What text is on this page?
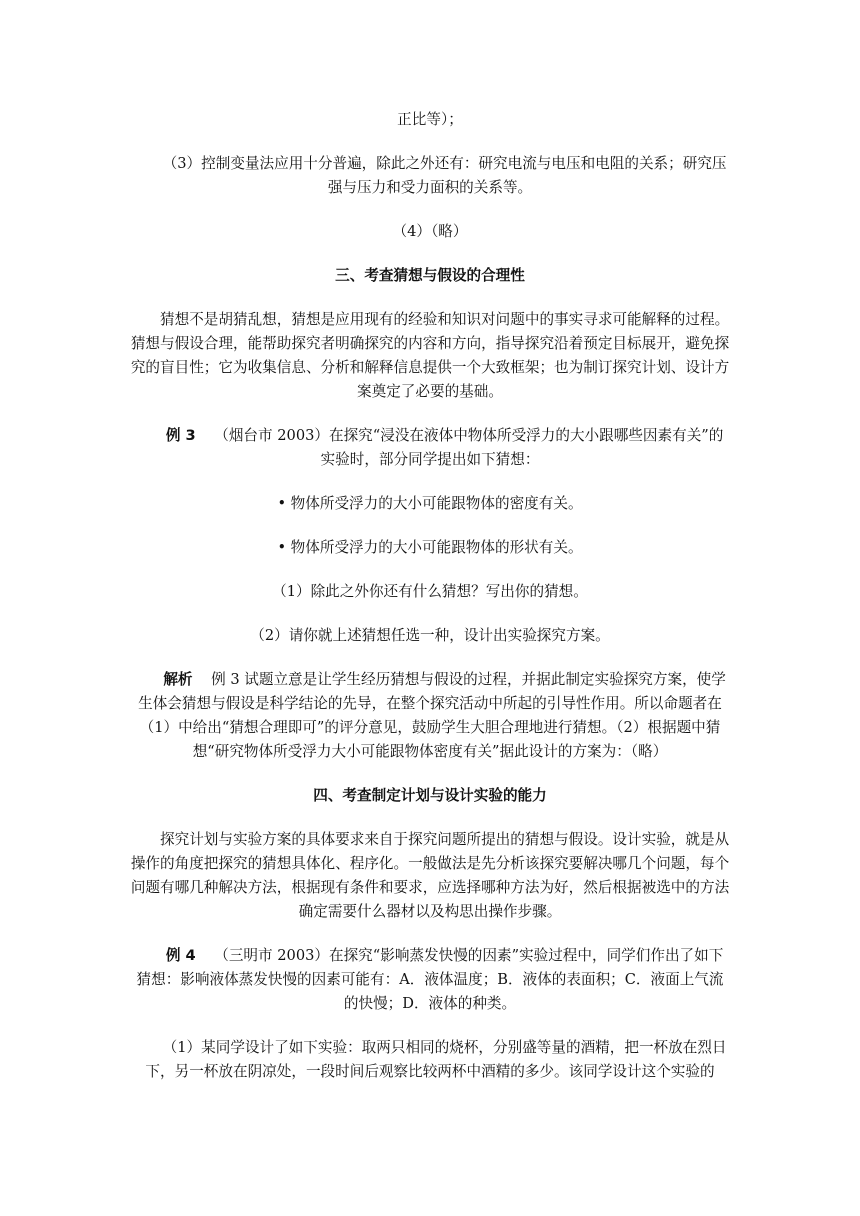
正比等）；

（3）控制变量法应用十分普遍，除此之外还有：研究电流与电压和电阻的关系；研究压强与压力和受力面积的关系等。

（4）（略）

三、考查猜想与假设的合理性

猜想不是胡猜乱想，猜想是应用现有的经验和知识对问题中的事实寻求可能解释的过程。猜想与假设合理，能帮助探究者明确探究的内容和方向，指导探究沿着预定目标展开，避免探究的盲目性；它为收集信息、分析和解释信息提供一个大致框架；也为制订探究计划、设计方案奠定了必要的基础。

例 3 （烟台市 2003）在探究“浸没在液体中物体所受浮力的大小跟哪些因素有关”的实验时，部分同学提出如下猜想：

• 物体所受浮力的大小可能跟物体的密度有关。

• 物体所受浮力的大小可能跟物体的形状有关。

（1）除此之外你还有什么猜想？写出你的猜想。

（2）请你就上述猜想任选一种，设计出实验探究方案。

解析 例 3 试题立意是让学生经历猜想与假设的过程，并据此制定实验探究方案，使学生体会猜想与假设是科学结论的先导，在整个探究活动中所起的引导性作用。所以命题者在（1）中给出“猜想合理即可”的评分意见，鼓励学生大胆合理地进行猜想。（2）根据题中猜想“研究物体所受浮力大小可能跟物体密度有关”据此设计的方案为：（略）

四、考查制定计划与设计实验的能力

探究计划与实验方案的具体要求来自于探究问题所提出的猜想与假设。设计实验，就是从操作的角度把探究的猜想具体化、程序化。一般做法是先分析该探究要解决哪几个问题，每个问题有哪几种解决方法，根据现有条件和要求，应选择哪种方法为好，然后根据被选中的方法确定需要什么器材以及构思出操作步骤。

例 4 （三明市 2003）在探究“影响蒸发快慢的因素”实验过程中，同学们作出了如下猜想：影响液体蒸发快慢的因素可能有：A．液体温度；B．液体的表面积；C．液面上气流的快慢；D．液体的种类。

（1）某同学设计了如下实验：取两只相同的烧杯，分别盛等量的酒精，把一杯放在烈日下，另一杯放在阴凉处，一段时间后观察比较两杯中酒精的多少。该同学设计这个实验的
